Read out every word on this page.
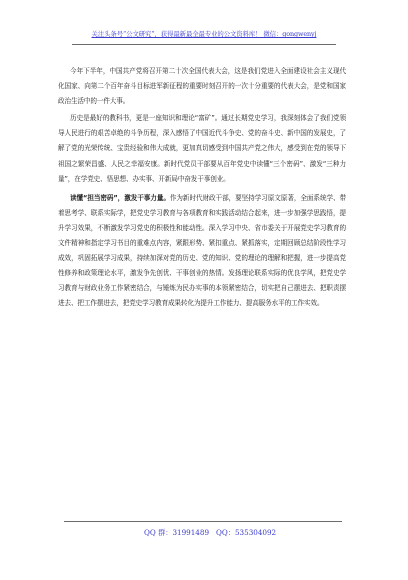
关注头条号“公文研究”，获得最新最全最专业的公文资料库！ 微信：gongwenyj

今年下半年，中国共产党将召开第二十次全国代表大会，这是我们党进入全面建设社会主义现代化国家、向第二个百年奋斗目标进军新征程的重要时刻召开的一次十分重要的代表大会，是党和国家政治生活中的一件大事。

历史是最好的教科书，更是一座知识和理论“富矿”。通过长期党史学习，我深刻体会了我们党领导人民进行的艰苦卓绝的斗争历程，深入感悟了中国近代斗争史、党的奋斗史、新中国的发展史，了解了党的光荣传统、宝贵经验和伟大成就，更加真切感受到中国共产党之伟大，感受到在党的领导下祖国之繁荣昌盛、人民之幸福安康。新时代党员干部要从百年党史中读懂“三个密码”、激发“三种力量”，在学党史、悟思想、办实事、开新局中奋发干事创业。

读懂“担当密码”，激发干事力量。作为新时代财政干部，要坚持学习原文原著，全面系统学、带着思考学、联系实际学，把党史学习教育与各项教育和实践活动结合起来，进一步加强学思践悟，提升学习效果，不断激发学习党史的积极性和能动性。深入学习中央、省市委关于开展党史学习教育的文件精神和指定学习书目的重难点内容，紧跟形势、紧扣重点、紧抓落实，定期回顾总结阶段性学习成效，巩固拓展学习成果，持续加深对党的历史、党的知识、党的理论的理解和把握，进一步提高党性修养和政策理论水平，激发争先创优、干事创业的热情。发扬理论联系实际的优良学风，把党史学习教育与财政业务工作紧密结合，与锤炼为民办实事的本领紧密结合，切实把自己摆进去、把职责摆进去、把工作摆进去，把党史学习教育成果转化为提升工作能力、提高服务水平的工作实效。

QQ 群：31991489 QQ：535304092
